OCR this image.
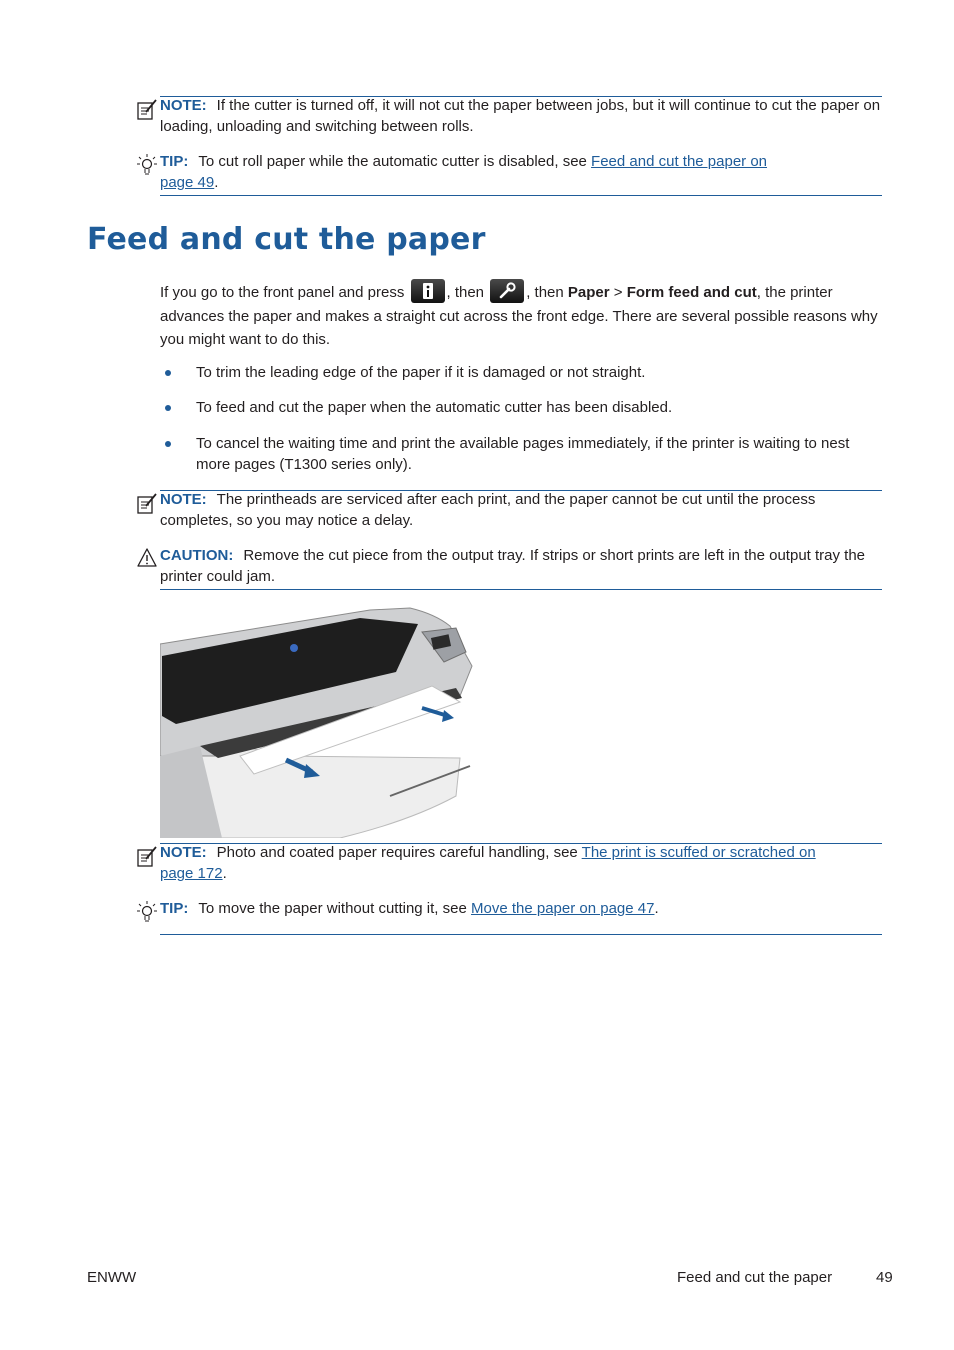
NOTE: If the cutter is turned off, it will not cut the paper between jobs, but it will continue to cut the paper on loading, unloading and switching between rolls.
TIP: To cut roll paper while the automatic cutter is disabled, see Feed and cut the paper on page 49.
Feed and cut the paper
If you go to the front panel and press	, then	, then Paper > Form feed and cut, the printer advances the paper and makes a straight cut across the front edge. There are several possible reasons why you might want to do this.
To trim the leading edge of the paper if it is damaged or not straight.
To feed and cut the paper when the automatic cutter has been disabled.
To cancel the waiting time and print the available pages immediately, if the printer is waiting to nest more pages (T1300 series only).
NOTE: The printheads are serviced after each print, and the paper cannot be cut until the process completes, so you may notice a delay.
CAUTION: Remove the cut piece from the output tray. If strips or short prints are left in the output tray the printer could jam.
NOTE: Photo and coated paper requires careful handling, see The print is scuffed or scratched on page 172.
TIP: To move the paper without cutting it, see Move the paper on page 47.
ENWW	Feed and cut the paper	49
